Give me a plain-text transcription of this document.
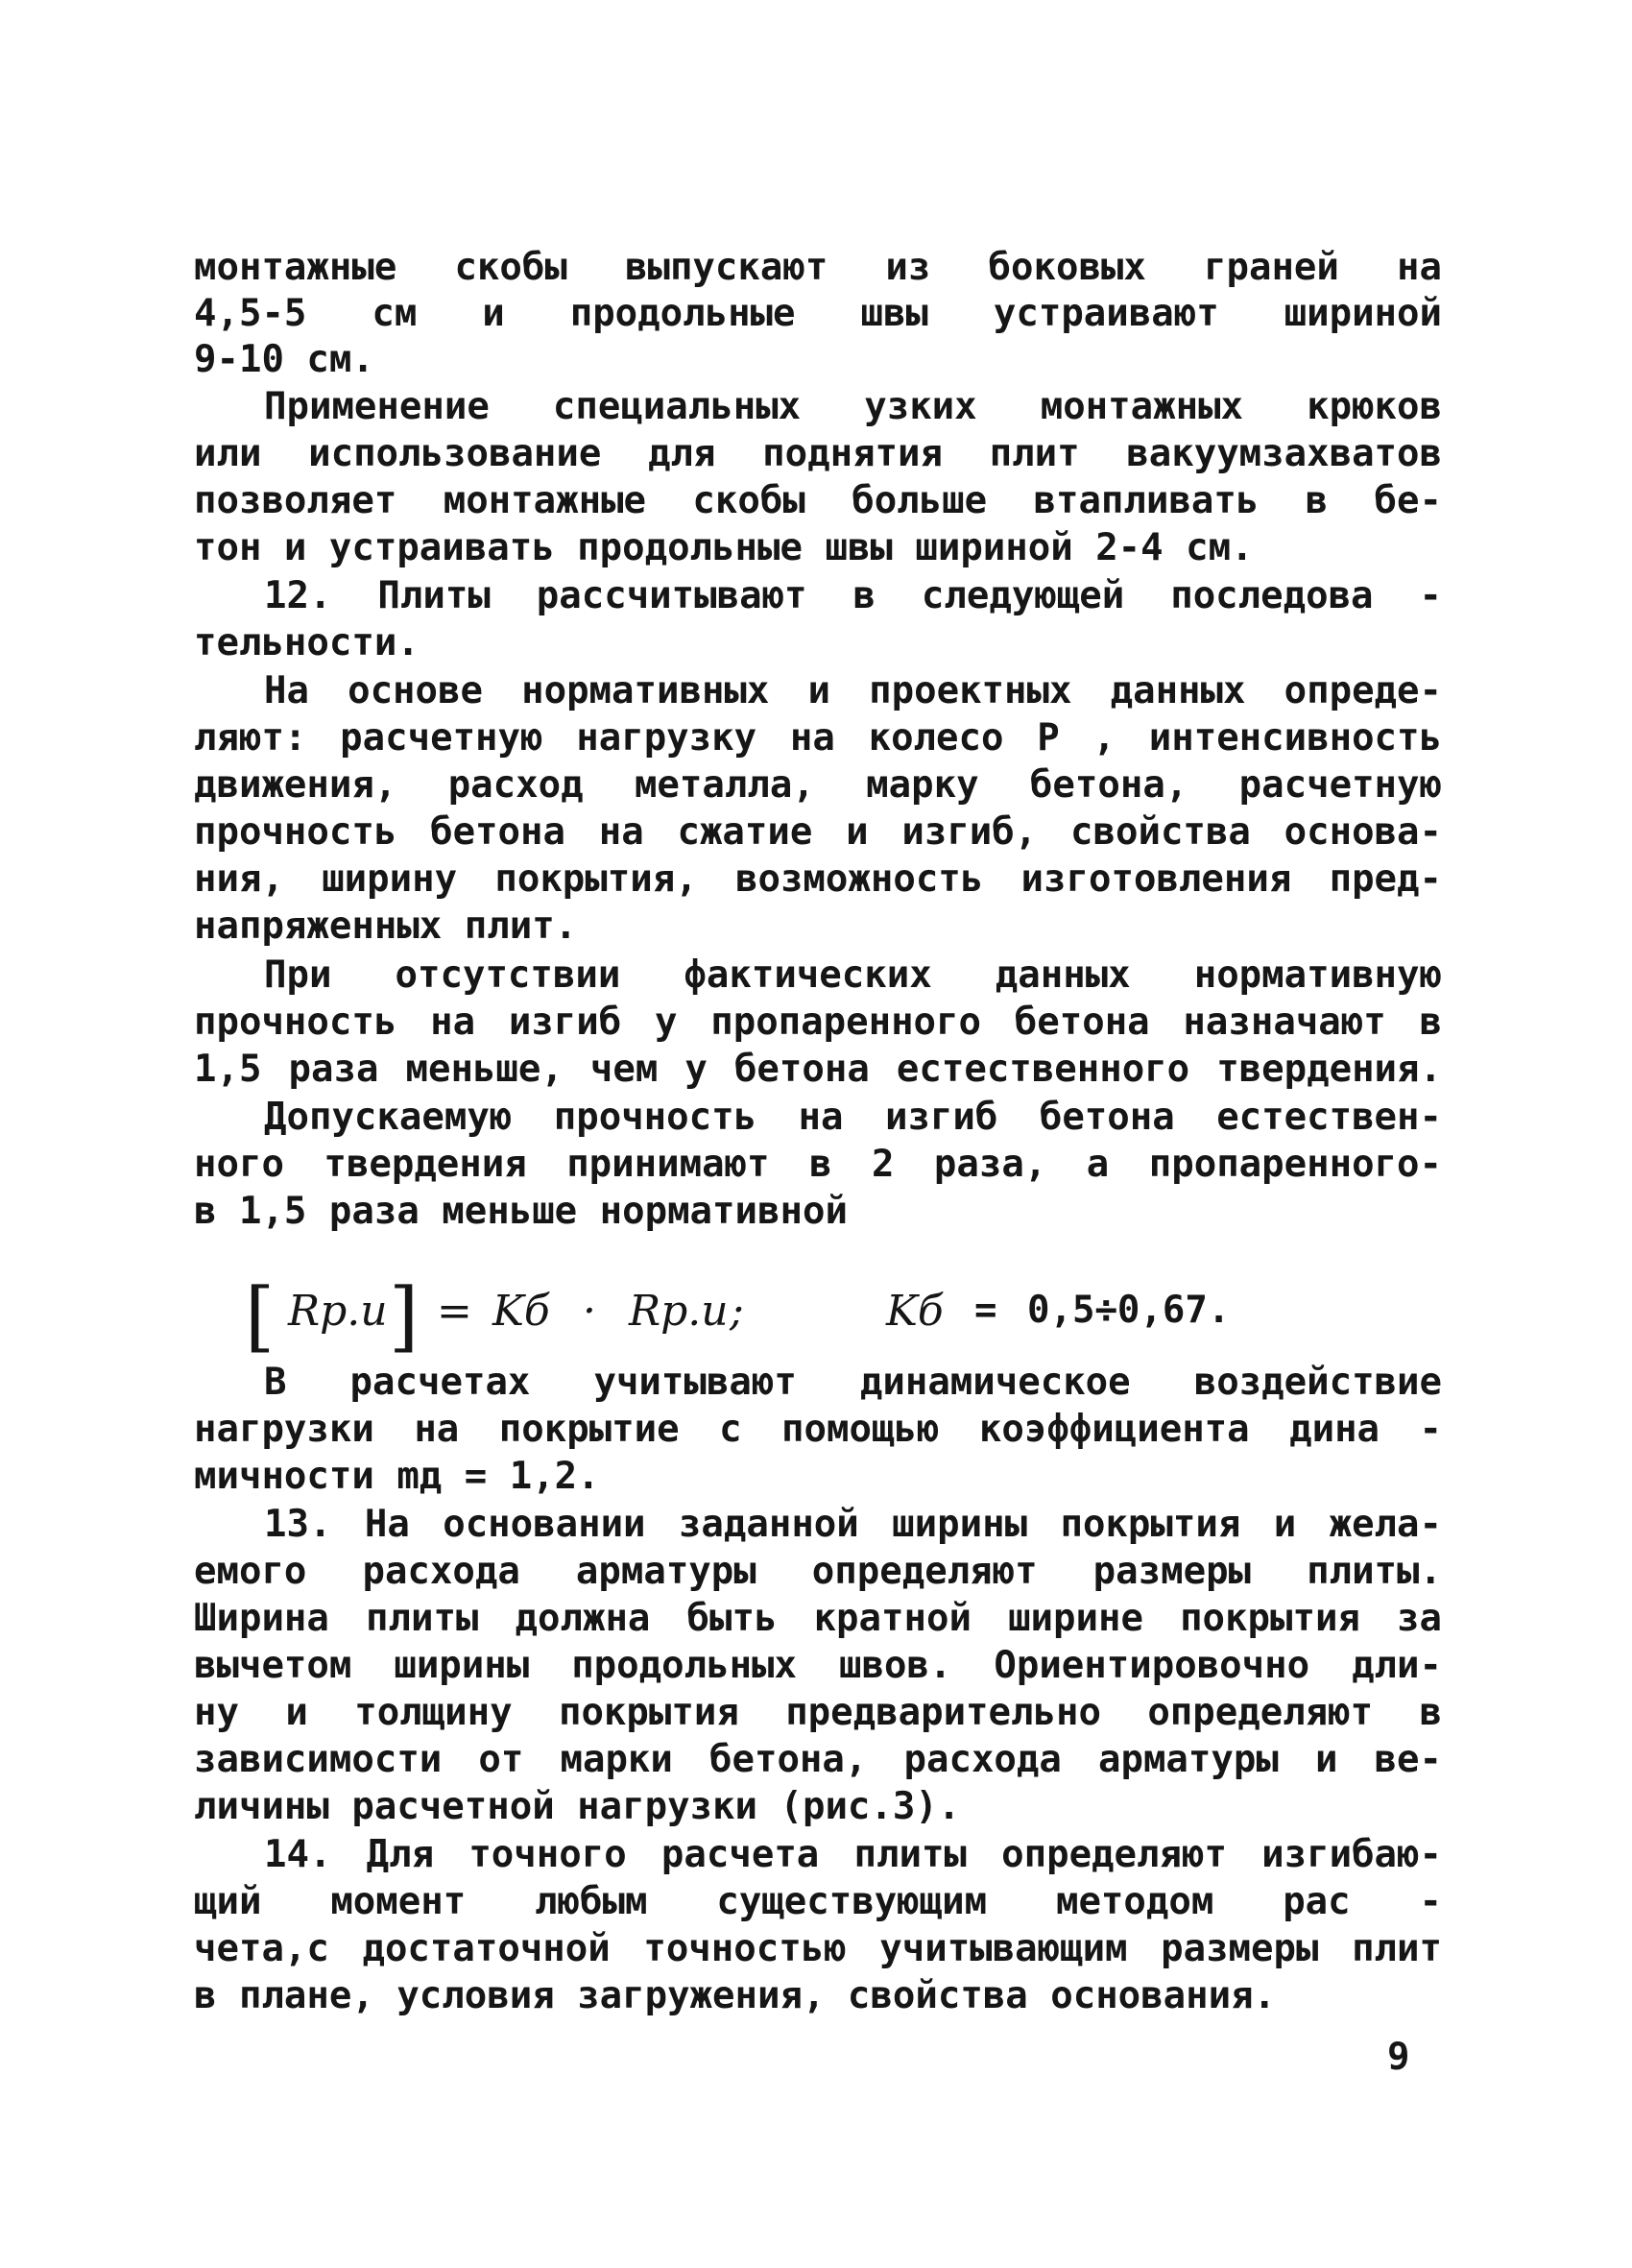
монтажные скобы выпускают из боковых граней на
4,5-5 см и продольные швы устраивают шириной
9-10 см.
Применение специальных узких монтажных крюков
или использование для поднятия плит вакуумзахватов
позволяет монтажные скобы больше втапливать в бе-
тон и устраивать продольные швы шириной 2-4 см.
12. Плиты рассчитывают в следующей последова -
тельности.
На основе нормативных и проектных данных опреде-
ляют: расчетную нагрузку на колесо P , интенсивность
движения, расход металла, марку бетона, расчетную
прочность бетона на сжатие и изгиб, свойства основа-
ния, ширину покрытия, возможность изготовления пред-
напряженных плит.
При отсутствии фактических данных нормативную
прочность на изгиб у пропаренного бетона назначают в
1,5 раза меньше, чем у бетона естественного твердения.
Допускаемую прочность на изгиб бетона естествен-
ного твердения принимают в 2 раза, а пропаренного-
в 1,5 раза меньше нормативной
[ Rp.u ] = Kб · Rp.u ;	Kб = 0,5÷0,67.
В расчетах учитывают динамическое воздействие
нагрузки на покрытие с помощью коэффициента дина -
мичности mд = 1,2.
13. На основании заданной ширины покрытия и жела-
емого расхода арматуры определяют размеры плиты.
Ширина плиты должна быть кратной ширине покрытия за
вычетом ширины продольных швов. Ориентировочно дли-
ну и толщину покрытия предварительно определяют в
зависимости от марки бетона, расхода арматуры и ве-
личины расчетной нагрузки (рис.3).
14. Для точного расчета плиты определяют изгибаю-
щий момент любым существующим методом рас -
чета,с достаточной точностью учитывающим размеры плит
в плане, условия загружения, свойства основания.
9
